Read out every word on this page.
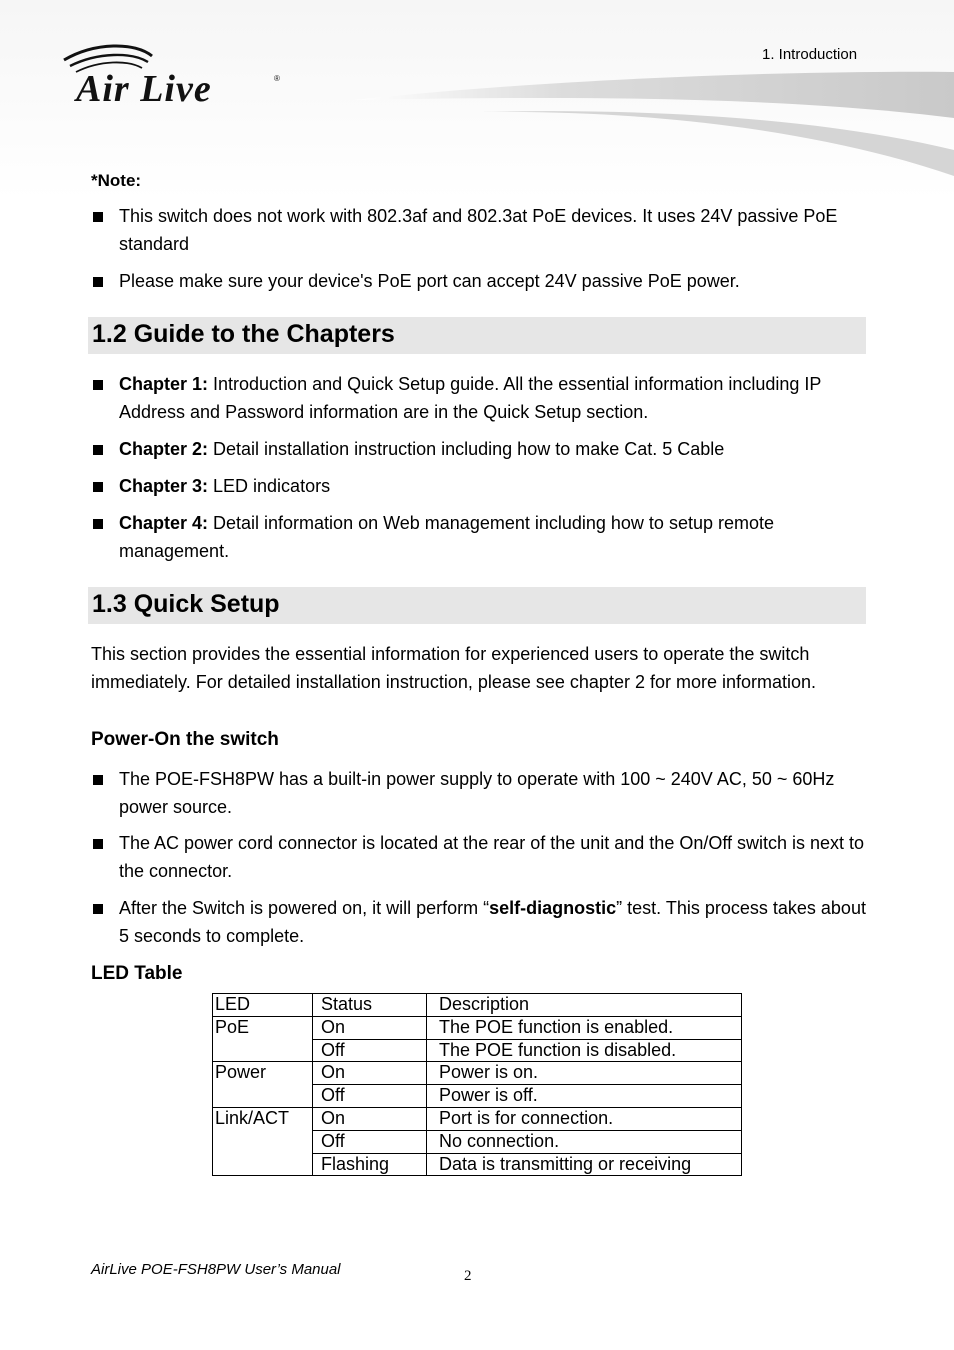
Air Live	®
1. Introduction
*Note:
This switch does not work with 802.3af and 802.3at PoE devices. It uses 24V passive PoE standard
Please make sure your device's PoE port can accept 24V passive PoE power.
1.2 Guide to the Chapters
Chapter 1: Introduction and Quick Setup guide. All the essential information including IP Address and Password information are in the Quick Setup section.
Chapter 2: Detail installation instruction including how to make Cat. 5 Cable
Chapter 3: LED indicators
Chapter 4: Detail information on Web management including how to setup remote management.
1.3 Quick Setup
This section provides the essential information for experienced users to operate the switch immediately. For detailed installation instruction, please see chapter 2 for more information.
Power-On the switch
The POE-FSH8PW has a built-in power supply to operate with 100 ~ 240V AC, 50 ~ 60Hz power source.
The AC power cord connector is located at the rear of the unit and the On/Off switch is next to the connector.
After the Switch is powered on, it will perform “self-diagnostic” test. This process takes about 5 seconds to complete.
LED Table
LED	Status	Description
PoE	On	The POE function is enabled.
	Off	The POE function is disabled.
Power	On	Power is on.
	Off	Power is off.
Link/ACT	On	Port is for connection.
	Off	No connection.
	Flashing	Data is transmitting or receiving
AirLive POE-FSH8PW User’s Manual	2
